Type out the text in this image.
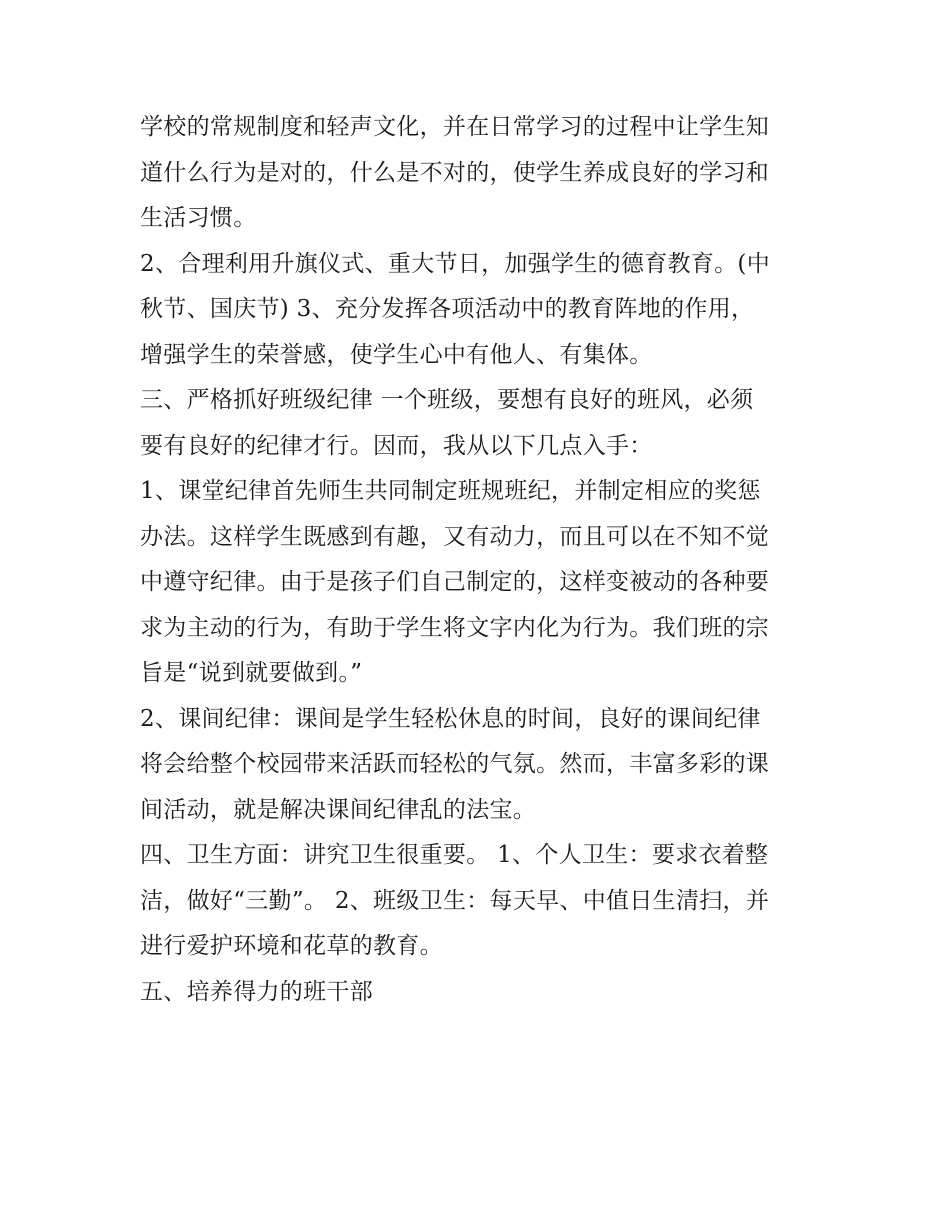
学校的常规制度和轻声文化，并在日常学习的过程中让学生知
道什么行为是对的，什么是不对的，使学生养成良好的学习和
生活习惯。
2、合理利用升旗仪式、重大节日，加强学生的德育教育。(中
秋节、国庆节) 3、充分发挥各项活动中的教育阵地的作用，
增强学生的荣誉感，使学生心中有他人、有集体。
三、严格抓好班级纪律 一个班级，要想有良好的班风，必须
要有良好的纪律才行。因而，我从以下几点入手：
1、课堂纪律首先师生共同制定班规班纪，并制定相应的奖惩
办法。这样学生既感到有趣，又有动力，而且可以在不知不觉
中遵守纪律。由于是孩子们自己制定的，这样变被动的各种要
求为主动的行为，有助于学生将文字内化为行为。我们班的宗
旨是“说到就要做到。”
2、课间纪律：课间是学生轻松休息的时间，良好的课间纪律
将会给整个校园带来活跃而轻松的气氛。然而，丰富多彩的课
间活动，就是解决课间纪律乱的法宝。
四、卫生方面：讲究卫生很重要。 1、个人卫生：要求衣着整
洁，做好“三勤”。 2、班级卫生：每天早、中值日生清扫，并
进行爱护环境和花草的教育。
五、培养得力的班干部
